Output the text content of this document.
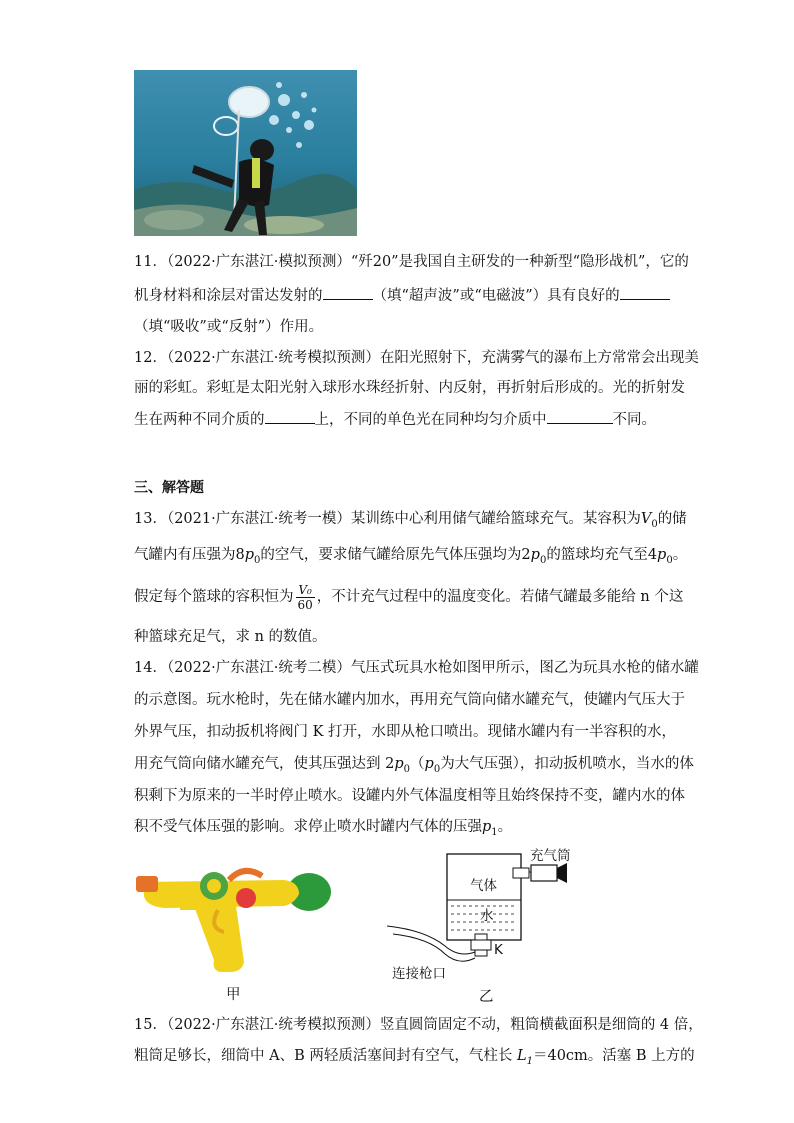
11．（2022·广东湛江·模拟预测）“歼20”是我国自主研发的一种新型“隐形战机”，它的
机身材料和涂层对雷达发射的	（填“超声波”或“电磁波”）具有良好的
（填“吸收”或“反射”）作用。
12．（2022·广东湛江·统考模拟预测）在阳光照射下，充满雾气的瀑布上方常常会出现美
丽的彩虹。彩虹是太阳光射入球形水珠经折射、内反射，再折射后形成的。光的折射发
生在两种不同介质的	上，不同的单色光在同种均匀介质中	不同。
三、解答题
13．（2021·广东湛江·统考一模）某训练中心利用储气罐给篮球充气。某容积为$V_0$的储
气罐内有压强为$8p_0$的空气，要求储气罐给原先气体压强均为$2p_0$的篮球均充气至$4p_0$。
假定每个篮球的容积恒为 $\frac{\text{V₀}}{60}$ ，不计充气过程中的温度变化。若储气罐最多能给 n 个这
种篮球充足气，求 n 的数值。
14．（2022·广东湛江·统考二模）气压式玩具水枪如图甲所示，图乙为玩具水枪的储水罐
的示意图。玩水枪时，先在储水罐内加水，再用充气筒向储水罐充气，使罐内气压大于
外界气压，扣动扳机将阀门 K 打开，水即从枪口喷出。现储水罐内有一半容积的水，
用充气筒向储水罐充气，使其压强达到 $2p_0(p_0$为大气压强），扣动扳机喷水，当水的体
积剩下为原来的一半时停止喷水。设罐内外气体温度相等且始终保持不变，罐内水的体
积不受气体压强的影响。求停止喷水时罐内气体的压强$p_1$。
甲
充气筒
气体
水
K
连接枪口
乙
15．（2022·广东湛江·统考模拟预测）竖直圆筒固定不动，粗筒横截面积是细筒的 4 倍，
粗筒足够长，细筒中 A、B 两轻质活塞间封有空气，气柱长 $L_1=40cm$。活塞 B 上方的
